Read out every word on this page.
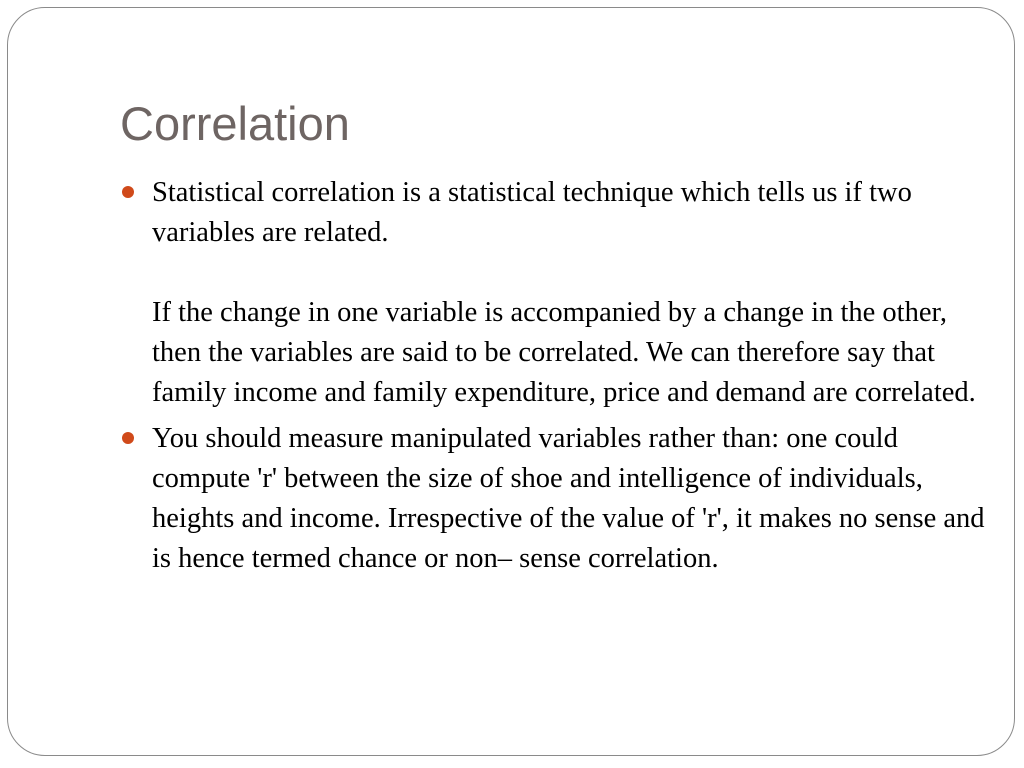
Correlation
Statistical correlation is a statistical technique which tells us if two variables are related.
If the change in one variable is accompanied by a change in the other, then the variables are said to be correlated. We can therefore say that family income and family expenditure, price and demand are correlated.
You should measure manipulated variables rather than: one could compute 'r' between the size of shoe and intelligence of individuals, heights and income. Irrespective of the value of 'r', it makes no sense and is hence termed chance or non– sense correlation.
